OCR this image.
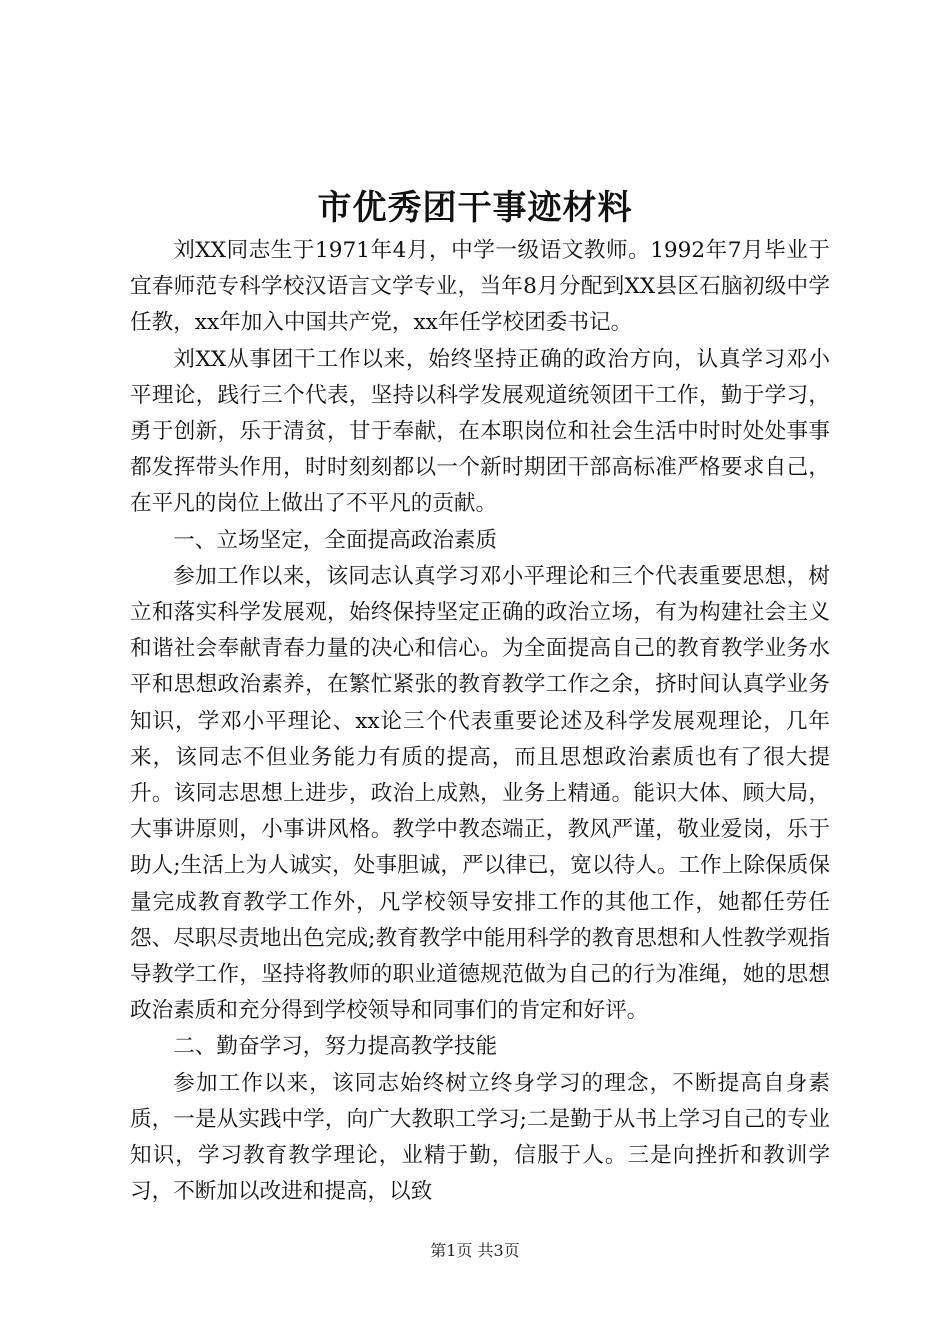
市优秀团干事迹材料

刘XX同志生于1971年4月，中学一级语文教师。1992年7月毕业于宜春师范专科学校汉语言文学专业，当年8月分配到XX县区石脑初级中学任教，xx年加入中国共产党，xx年任学校团委书记。

刘XX从事团干工作以来，始终坚持正确的政治方向，认真学习邓小平理论，践行三个代表，坚持以科学发展观道统领团干工作，勤于学习，勇于创新，乐于清贫，甘于奉献，在本职岗位和社会生活中时时处处事事都发挥带头作用，时时刻刻都以一个新时期团干部高标准严格要求自己，在平凡的岗位上做出了不平凡的贡献。

一、立场坚定，全面提高政治素质

参加工作以来，该同志认真学习邓小平理论和三个代表重要思想，树立和落实科学发展观，始终保持坚定正确的政治立场，有为构建社会主义和谐社会奉献青春力量的决心和信心。为全面提高自己的教育教学业务水平和思想政治素养，在繁忙紧张的教育教学工作之余，挤时间认真学业务知识，学邓小平理论、xx论三个代表重要论述及科学发展观理论，几年来，该同志不但业务能力有质的提高，而且思想政治素质也有了很大提升。该同志思想上进步，政治上成熟，业务上精通。能识大体、顾大局，大事讲原则，小事讲风格。教学中教态端正，教风严谨，敬业爱岗，乐于助人;生活上为人诚实，处事胆诚，严以律已，宽以待人。工作上除保质保量完成教育教学工作外，凡学校领导安排工作的其他工作，她都任劳任怨、尽职尽责地出色完成;教育教学中能用科学的教育思想和人性教学观指导教学工作，坚持将教师的职业道德规范做为自己的行为准绳，她的思想政治素质和充分得到学校领导和同事们的肯定和好评。

二、勤奋学习，努力提高教学技能

参加工作以来，该同志始终树立终身学习的理念，不断提高自身素质，一是从实践中学，向广大教职工学习;二是勤于从书上学习自己的专业知识，学习教育教学理论，业精于勤，信服于人。三是向挫折和教训学习，不断加以改进和提高，以致

第1页 共3页
